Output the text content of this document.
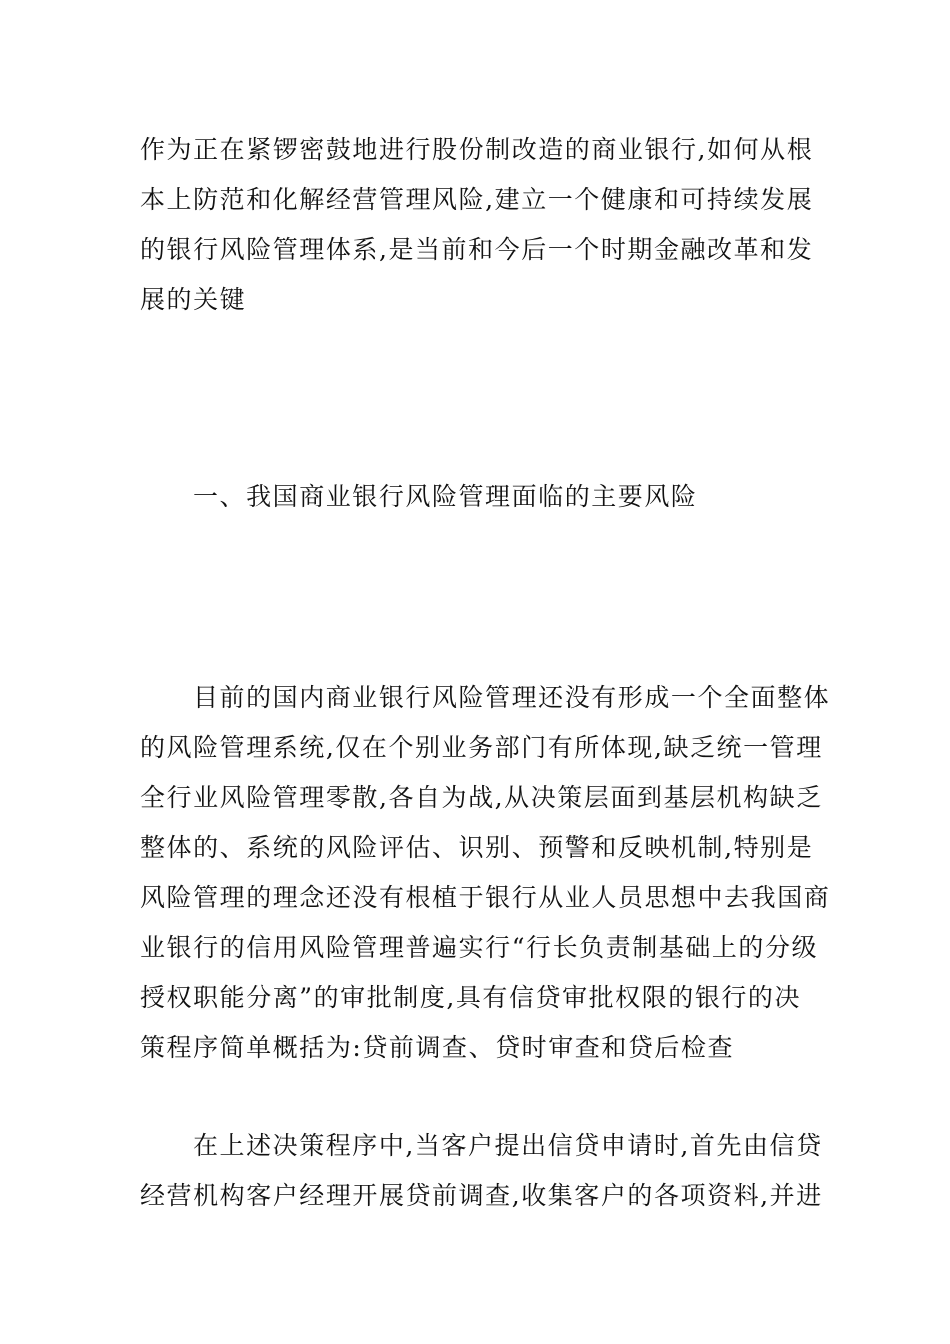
作为正在紧锣密鼓地进行股份制改造的商业银行,如何从根
本上防范和化解经营管理风险,建立一个健康和可持续发展
的银行风险管理体系,是当前和今后一个时期金融改革和发
展的关键
一、我国商业银行风险管理面临的主要风险
目前的国内商业银行风险管理还没有形成一个全面整体
的风险管理系统,仅在个别业务部门有所体现,缺乏统一管理
全行业风险管理零散,各自为战,从决策层面到基层机构缺乏
整体的、系统的风险评估、识别、预警和反映机制,特别是
风险管理的理念还没有根植于银行从业人员思想中去我国商
业银行的信用风险管理普遍实行“行长负责制基础上的分级
授权职能分离”的审批制度,具有信贷审批权限的银行的决
策程序简单概括为:贷前调查、贷时审查和贷后检查
在上述决策程序中,当客户提出信贷申请时,首先由信贷
经营机构客户经理开展贷前调查,收集客户的各项资料,并进
